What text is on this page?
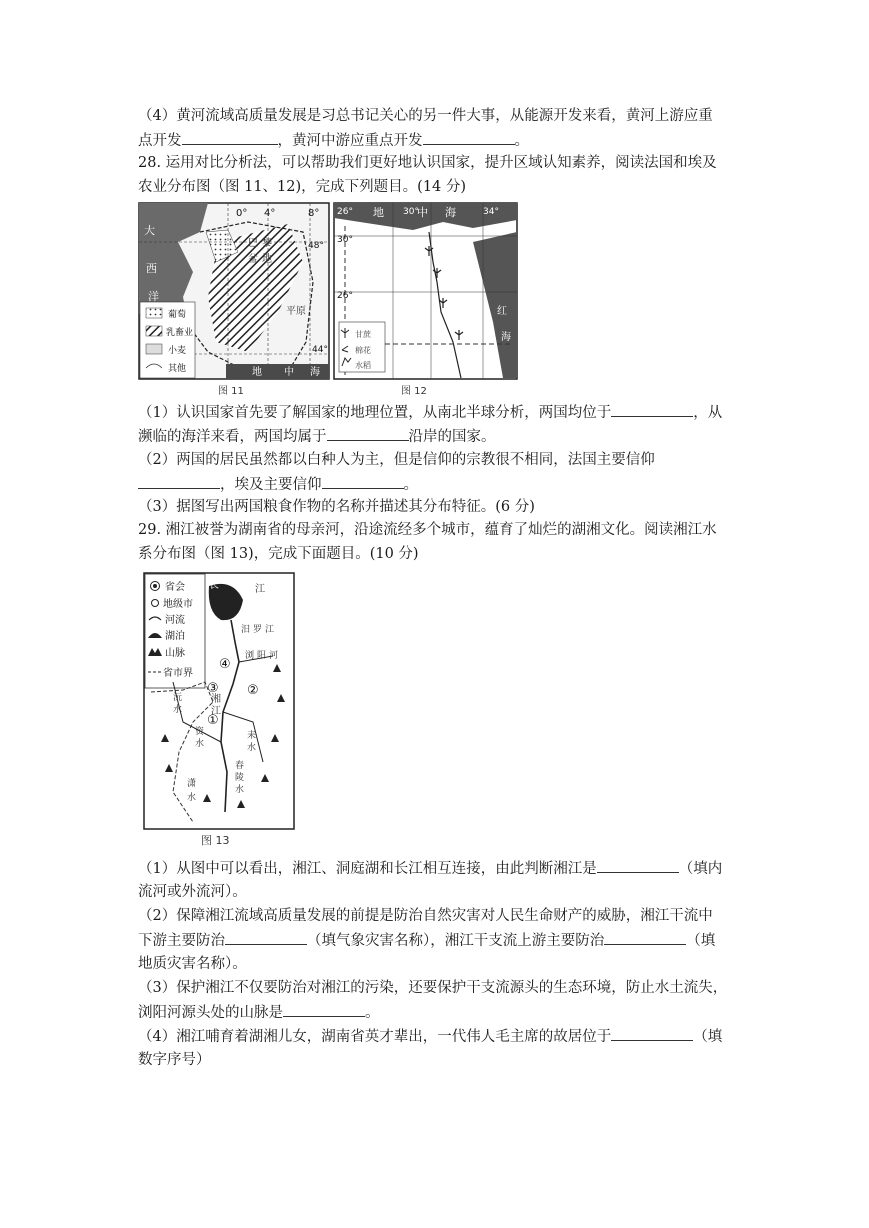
（4）黄河流域高质量发展是习总书记关心的另一件大事，从能源开发来看，黄河上游应重
点开发	，黄河中游应重点开发	。
28. 运用对比分析法，可以帮助我们更好地认识国家，提升区域认知素养，阅读法国和埃及
农业分布图（图 11、12)，完成下列题目。(14 分)
0° 4°	8°
48°
44°
大
西
洋
巴 黎
盆 地
平 原
葡萄
乳畜业
小麦
其他	地 中 海
图 11
26°	30°	34°
30°
26°
地	中 海
红
海
甘蔗
棉花
水稻
图 12
（1）认识国家首先要了解国家的地理位置，从南北半球分析，两国均位于	，从
濒临的海洋来看，两国均属于	沿岸的国家。
（2）两国的居民虽然都以白种人为主，但是信仰的宗教很不相同，法国主要信仰
，埃及主要信仰	。
（3）据图写出两国粮食作物的名称并描述其分布特征。(6 分)
29. 湘江被誉为湖南省的母亲河，沿途流经多个城市，蕴育了灿烂的湖湘文化。阅读湘江水
系分布图（图 13)，完成下面题目。(10 分)
④
③ ②
①
省会
地级市
河流
湖泊
山脉
省市界
长	江
汨 罗 江
湘
江
浏 阳 河
沅
水
资
水
耒
水
春
陵
水
潇
水
图 13
（1）从图中可以看出，湘江、洞庭湖和长江相互连接，由此判断湘江是	（填内
流河或外流河）。
（2）保障湘江流域高质量发展的前提是防治自然灾害对人民生命财产的威胁，湘江干流中
下游主要防治	（填气象灾害名称），湘江干支流上游主要防治	（填
地质灾害名称）。
（3）保护湘江不仅要防治对湘江的污染，还要保护干支流源头的生态环境，防止水土流失，
浏阳河源头处的山脉是	。
（4）湘江哺育着湖湘儿女，湖南省英才辈出，一代伟人毛主席的故居位于	（填
数字序号）
